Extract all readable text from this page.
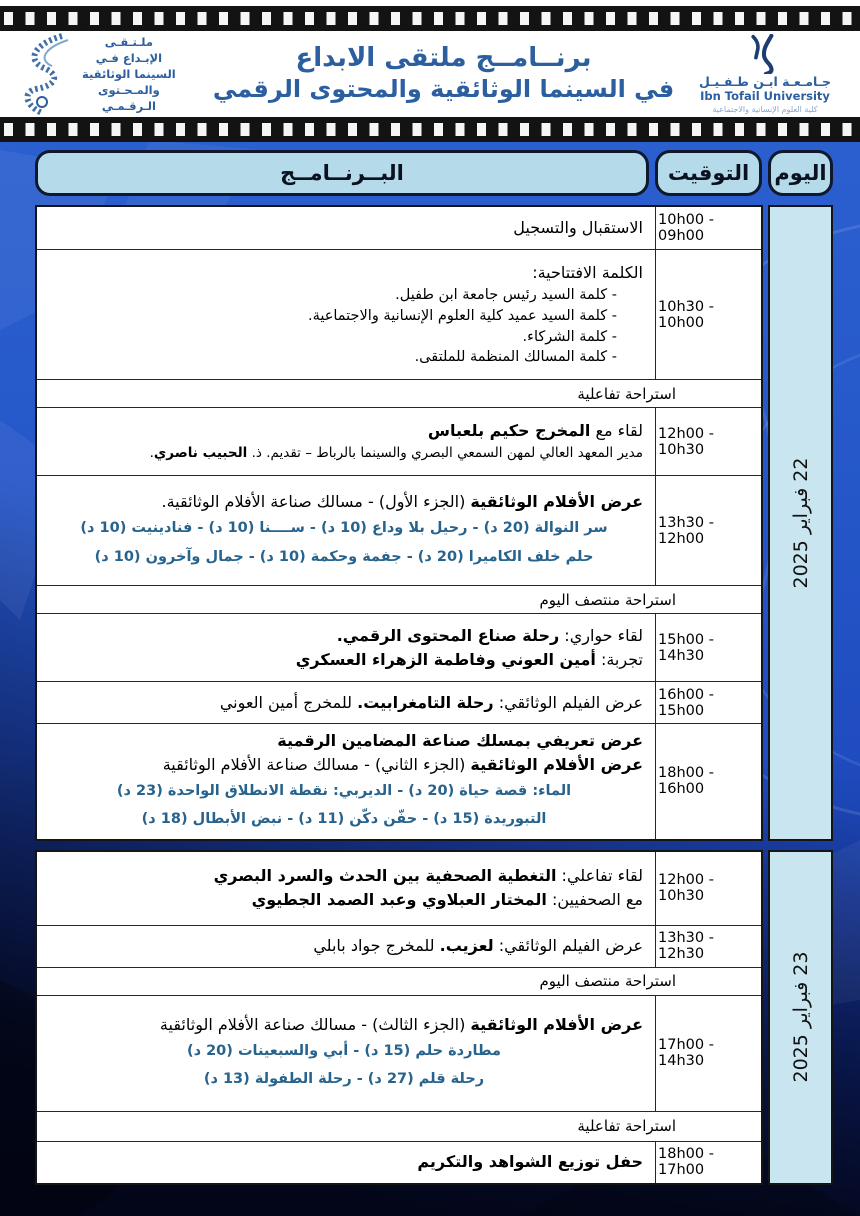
جـامـعـة ابـن طـفـيـل
Ibn Tofail University
كلية العلوم الإنسانية والاجتماعية
برنــامــج ملتقى الابداع
في السينما الوثائقية والمحتوى الرقمي
ملـتـقـى
الإبـداع فـي
السينما الوثائقية
والمـحـتوى
الـرقـمـي
اليوم
التوقيت
البــرنــامــج
22 فبراير 2025
10h00 - 09h00
الاستقبال والتسجيل
10h30 - 10h00
الكلمة الافتتاحية:
- كلمة السيد رئيس جامعة ابن طفيل.
- كلمة السيد عميد كلية العلوم الإنسانية والاجتماعية.
- كلمة الشركاء.
- كلمة المسالك المنظمة للملتقى.
استراحة تفاعلية
12h00 - 10h30
لقاء مع المخرج حكيم بلعباس
مدير المعهد العالي لمهن السمعي البصري والسينما بالرباط – تقديم. ذ. الحبيب ناصري.
13h30 - 12h00
عرض الأفلام الوثائقية (الجزء الأول) - مسالك صناعة الأفلام الوثائقية.
سر النوالة (20 د) - رحيل بلا وداع (10 د) - ســــنا (10 د) - فنادينيت (10 د)
حلم خلف الكاميرا (20 د) - جفمة وحكمة (10 د) - جمال وآخرون (10 د)
استراحة منتصف اليوم
15h00 - 14h30
لقاء حواري: رحلة صناع المحتوى الرقمي.
تجربة: أمين العوني وفاطمة الزهراء العسكري
16h00 - 15h00
عرض الفيلم الوثائقي: رحلة التامغرابيت. للمخرج أمين العوني
18h00 - 16h00
عرض تعريفي بمسلك صناعة المضامين الرقمية
عرض الأفلام الوثائقية (الجزء الثاني) - مسالك صناعة الأفلام الوثائقية
الماء: قصة حياة (20 د) - الديربي: نقطة الانطلاق الواحدة (23 د)
التبوريدة (15 د) - حفّن دكّن (11 د) - نبض الأبطال (18 د)
23 فبراير 2025
12h00 - 10h30
لقاء تفاعلي: التغطية الصحفية بين الحدث والسرد البصري
مع الصحفيين: المختار العبلاوي وعبد الصمد الجطيوي
13h30 - 12h30
عرض الفيلم الوثائقي: لعزيب. للمخرج جواد بابلي
استراحة منتصف اليوم
17h00 - 14h30
عرض الأفلام الوثائقية (الجزء الثالث) - مسالك صناعة الأفلام الوثائقية
مطاردة حلم (15 د) - أبي والسبعينات (20 د)
رحلة قلم (27 د) - رحلة الطفولة (13 د)
استراحة تفاعلية
18h00 - 17h00
حفل توزيع الشواهد والتكريم
